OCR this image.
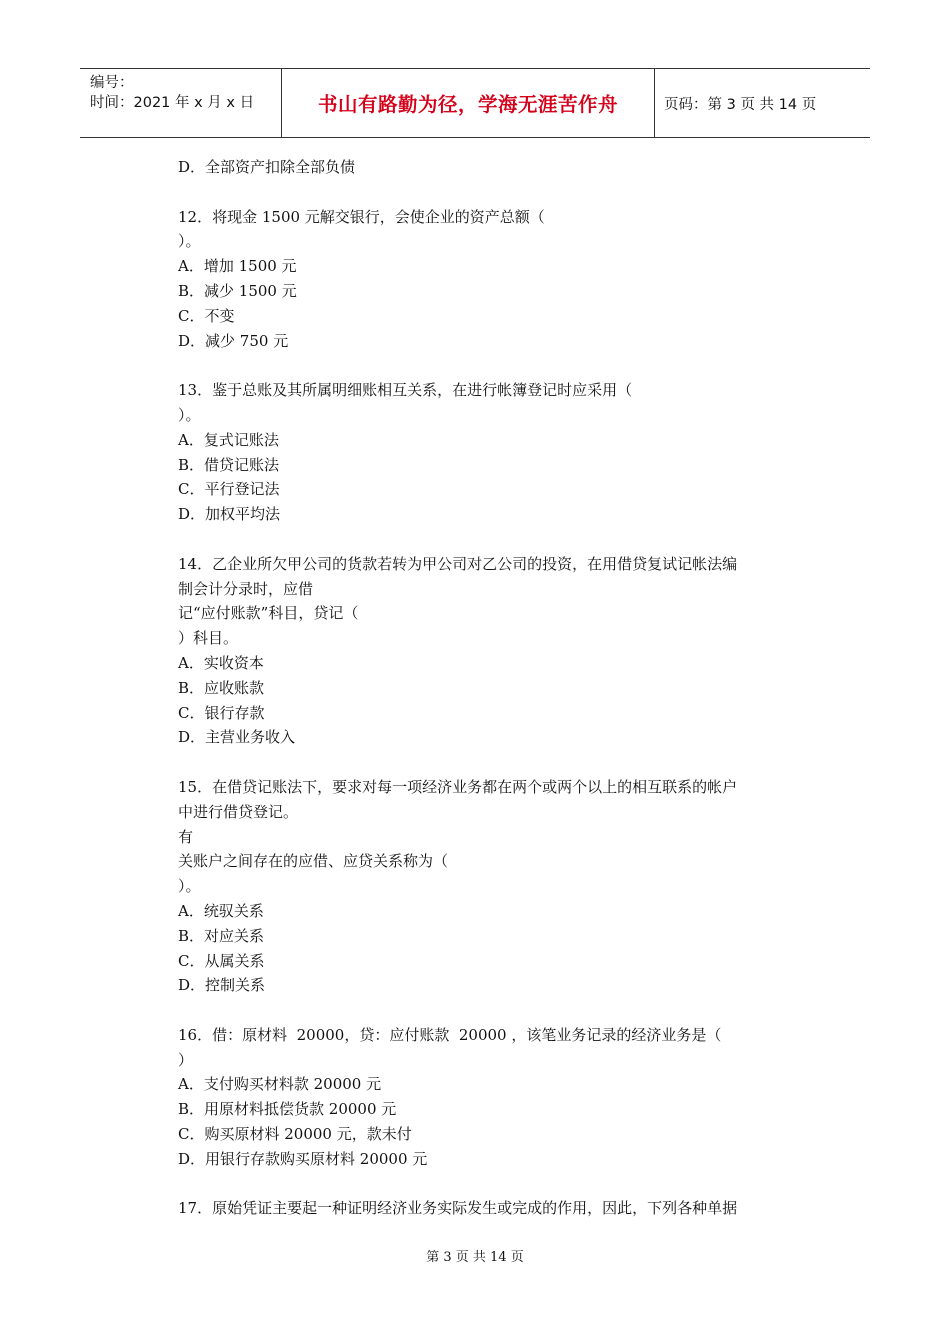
编号：
时间：2021 年 x 月 x 日	书山有路勤为径，学海无涯苦作舟	页码：第 3 页 共 14 页
D．全部资产扣除全部负债
12．将现金 1500 元解交银行，会使企业的资产总额（
）。
A．增加 1500 元
B．减少 1500 元
C．不变
D．减少 750 元
13．鉴于总账及其所属明细账相互关系，在进行帐簿登记时应采用（
）。
A．复式记账法
B．借贷记账法
C．平行登记法
D．加权平均法
14．乙企业所欠甲公司的货款若转为甲公司对乙公司的投资，在用借贷复试记帐法编
制会计分录时，应借
记“应付账款”科目，贷记（
）科目。
A．实收资本
B．应收账款
C．银行存款
D．主营业务收入
15．在借贷记账法下，要求对每一项经济业务都在两个或两个以上的相互联系的帐户
中进行借贷登记。
有
关账户之间存在的应借、应贷关系称为（
）。
A．统驭关系
B．对应关系
C．从属关系
D．控制关系
16．借：原材料  20000，贷：应付账款  20000 ，该笔业务记录的经济业务是（
）
A．支付购买材料款 20000 元
B．用原材料抵偿货款 20000 元
C．购买原材料 20000 元，款未付
D．用银行存款购买原材料 20000 元
17．原始凭证主要起一种证明经济业务实际发生或完成的作用，因此，下列各种单据
第 3 页 共 14 页
